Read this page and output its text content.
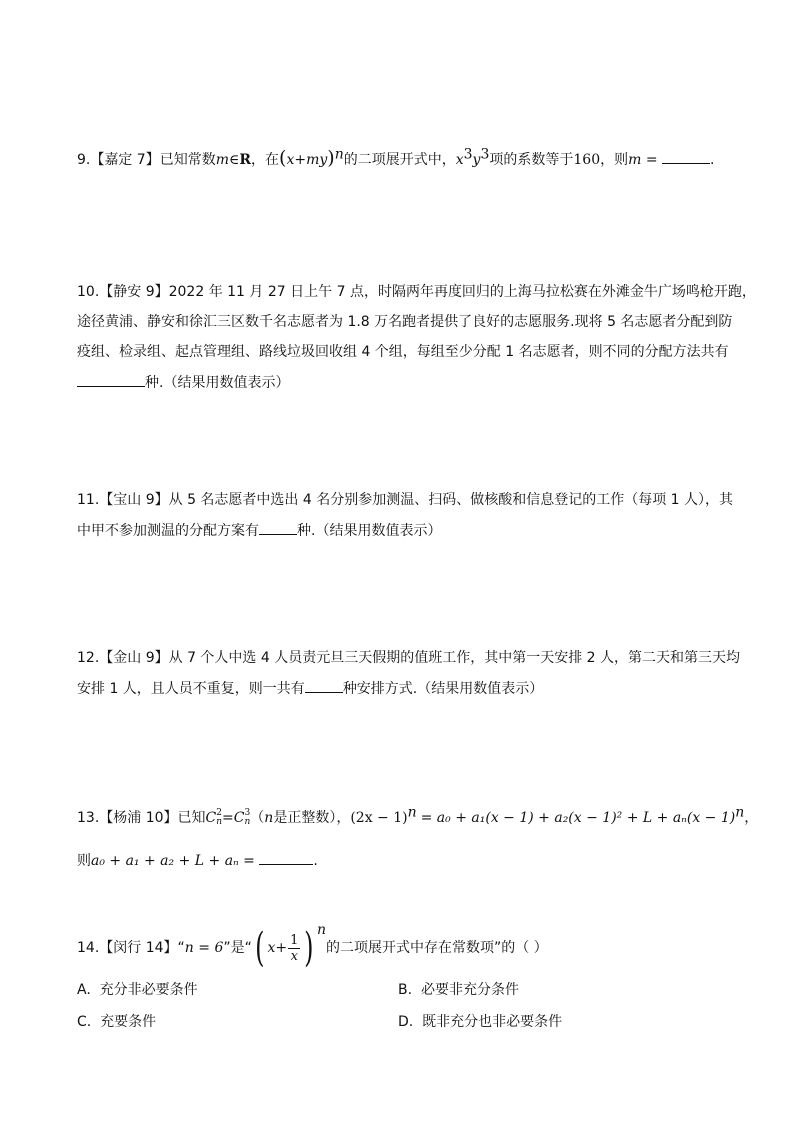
9.【嘉定 7】已知常数m∈R，在$(x+my)^n$的二项展开式中，$x^3y^3$项的系数等于160，则m =	.
10.【静安 9】2022 年 11 月 27 日上午 7 点，时隔两年再度回归的上海马拉松赛在外滩金牛广场鸣枪开跑，
途径黄浦、静安和徐汇三区数千名志愿者为 1.8 万名跑者提供了良好的志愿服务.现将 5 名志愿者分配到防
疫组、检录组、起点管理组、路线垃圾回收组 4 个组，每组至少分配 1 名志愿者，则不同的分配方法共有
种.（结果用数值表示）
11.【宝山 9】从 5 名志愿者中选出 4 名分别参加测温、扫码、做核酸和信息登记的工作（每项 1 人），其
中甲不参加测温的分配方案有	种.（结果用数值表示）
12.【金山 9】从 7 个人中选 4 人员责元旦三天假期的值班工作，其中第一天安排 2 人，第二天和第三天均
安排 1 人，且人员不重复，则一共有	种安排方式.（结果用数值表示）
13.【杨浦 10】已知C 2
n =C 3
n （n是正整数），$(2x - 1)^n = a_0 + a_1(x - 1) + a_2(x - 1)^2 + L + a_n(x - 1)^n$，
则a₀ + a₁ + a₂ + L + aₙ =	.
14.【闵行 14】“n = 6”是“( $x+ \frac{1}{x}$ ) $^n$的二项展开式中存在常数项”的（ ）
A. 充分非必要条件	B. 必要非充分条件
C. 充要条件	D. 既非充分也非必要条件
